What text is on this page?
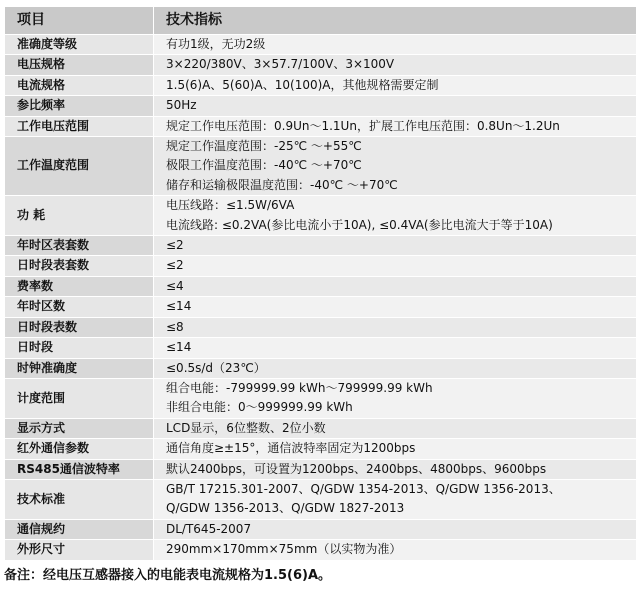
项目	技术指标
准确度等级	有功1级，无功2级

电压规格	3×220/380V、3×57.7/100V、3×100V

电流规格	1.5(6)A、5(60)A、10(100)A，其他规格需要定制

参比频率	50Hz

工作电压范围	规定工作电压范围：0.9Un～1.1Un，扩展工作电压范围：0.8Un～1.2Un

工作温度范围	规定工作温度范围：-25℃ ～+55℃
极限工作温度范围：-40℃ ～+70℃
储存和运输极限温度范围：-40℃ ～+70℃

功 耗	电压线路：≤1.5W/6VA
电流线路: ≤0.2VA(参比电流小于10A), ≤0.4VA(参比电流大于等于10A)

年时区表套数	≤2

日时段表套数	≤2

费率数	≤4

年时区数	≤14

日时段表数	≤8

日时段	≤14

时钟准确度	≤0.5s/d（23℃）

计度范围	组合电能：-799999.99 kWh～799999.99 kWh
非组合电能：0～999999.99 kWh

显示方式	LCD显示，6位整数、2位小数

红外通信参数	通信角度≥±15°，通信波特率固定为1200bps

RS485通信波特率	默认2400bps，可设置为1200bps、2400bps、4800bps、9600bps

技术标准	GB/T 17215.301-2007、Q/GDW 1354-2013、Q/GDW 1356-2013、
Q/GDW 1356-2013、Q/GDW 1827-2013

通信规约	DL/T645-2007

外形尺寸	290mm×170mm×75mm（以实物为准）
备注：经电压互感器接入的电能表电流规格为1.5(6)A。
